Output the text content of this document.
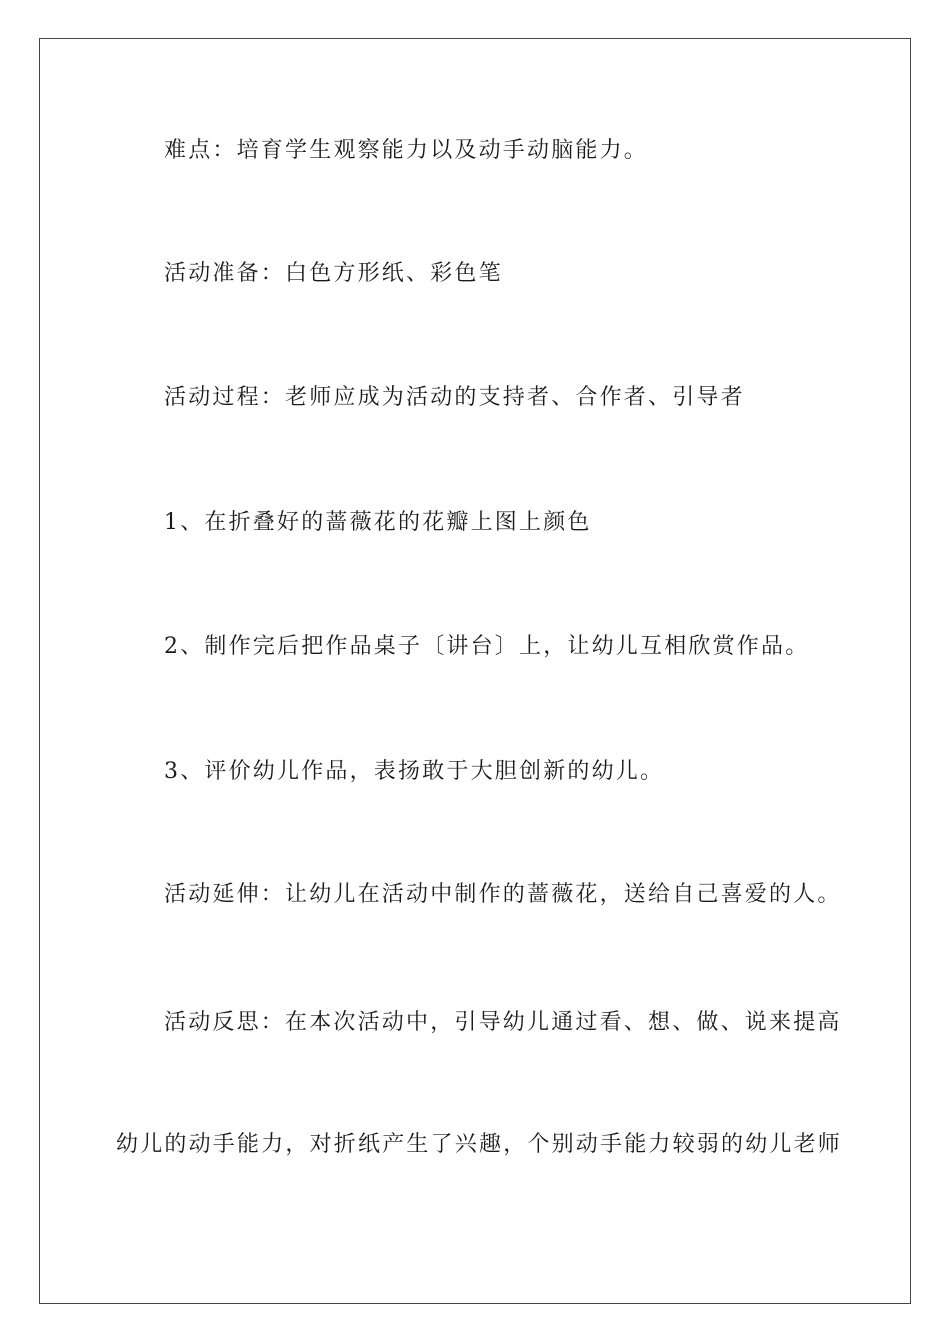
难点：培育学生观察能力以及动手动脑能力。

活动准备：白色方形纸、彩色笔

活动过程：老师应成为活动的支持者、合作者、引导者

1、在折叠好的蔷薇花的花瓣上图上颜色

2、制作完后把作品桌子〔讲台〕上，让幼儿互相欣赏作品。

3、评价幼儿作品，表扬敢于大胆创新的幼儿。

活动延伸：让幼儿在活动中制作的蔷薇花，送给自己喜爱的人。

活动反思：在本次活动中，引导幼儿通过看、想、做、说来提高

幼儿的动手能力，对折纸产生了兴趣，个别动手能力较弱的幼儿老师
